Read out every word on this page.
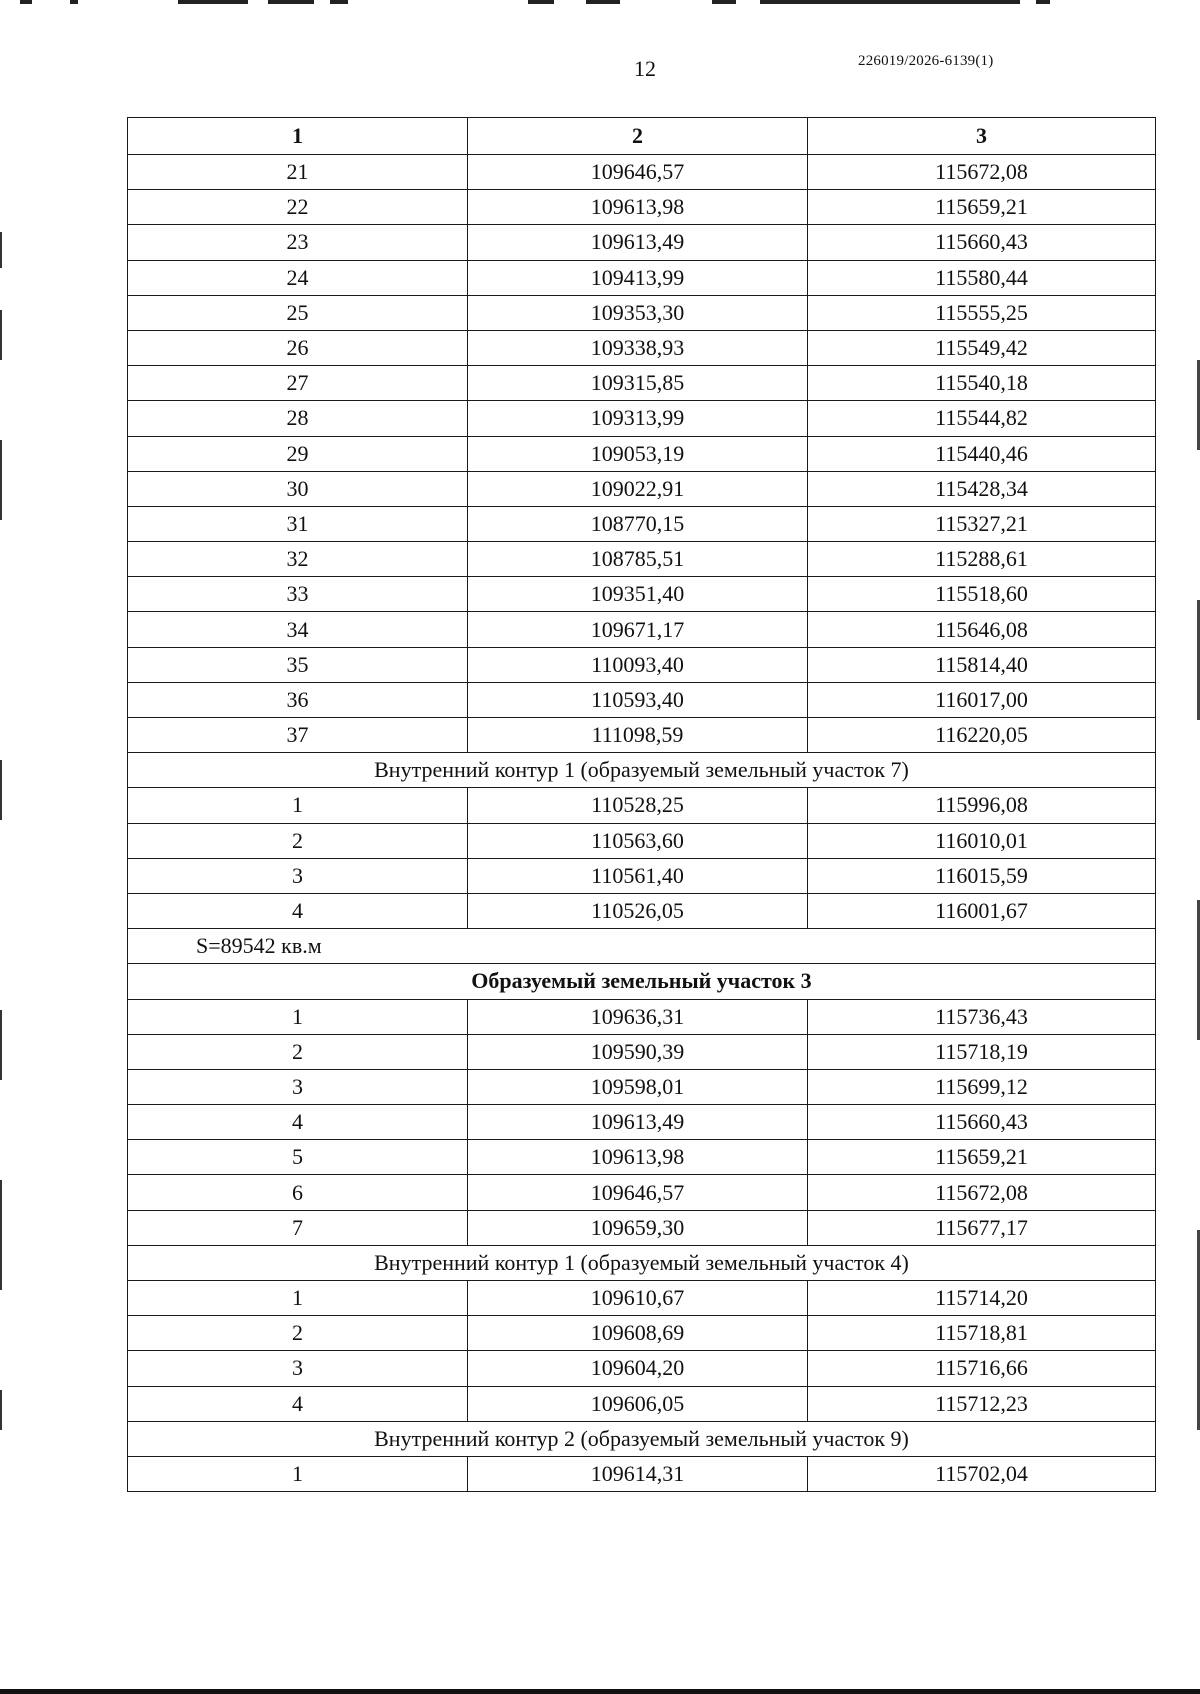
12	226019/2026-6139(1)
1	2	3
21	109646,57	115672,08
22	109613,98	115659,21
23	109613,49	115660,43
24	109413,99	115580,44
25	109353,30	115555,25
26	109338,93	115549,42
27	109315,85	115540,18
28	109313,99	115544,82
29	109053,19	115440,46
30	109022,91	115428,34
31	108770,15	115327,21
32	108785,51	115288,61
33	109351,40	115518,60
34	109671,17	115646,08
35	110093,40	115814,40
36	110593,40	116017,00
37	111098,59	116220,05
Внутренний контур 1 (образуемый земельный участок 7)		
1	110528,25	115996,08
2	110563,60	116010,01
3	110561,40	116015,59
4	110526,05	116001,67
S=89542 кв.м		
Образуемый земельный участок 3		
1	109636,31	115736,43
2	109590,39	115718,19
3	109598,01	115699,12
4	109613,49	115660,43
5	109613,98	115659,21
6	109646,57	115672,08
7	109659,30	115677,17
Внутренний контур 1 (образуемый земельный участок 4)		
1	109610,67	115714,20
2	109608,69	115718,81
3	109604,20	115716,66
4	109606,05	115712,23
Внутренний контур 2 (образуемый земельный участок 9)		
1	109614,31	115702,04
